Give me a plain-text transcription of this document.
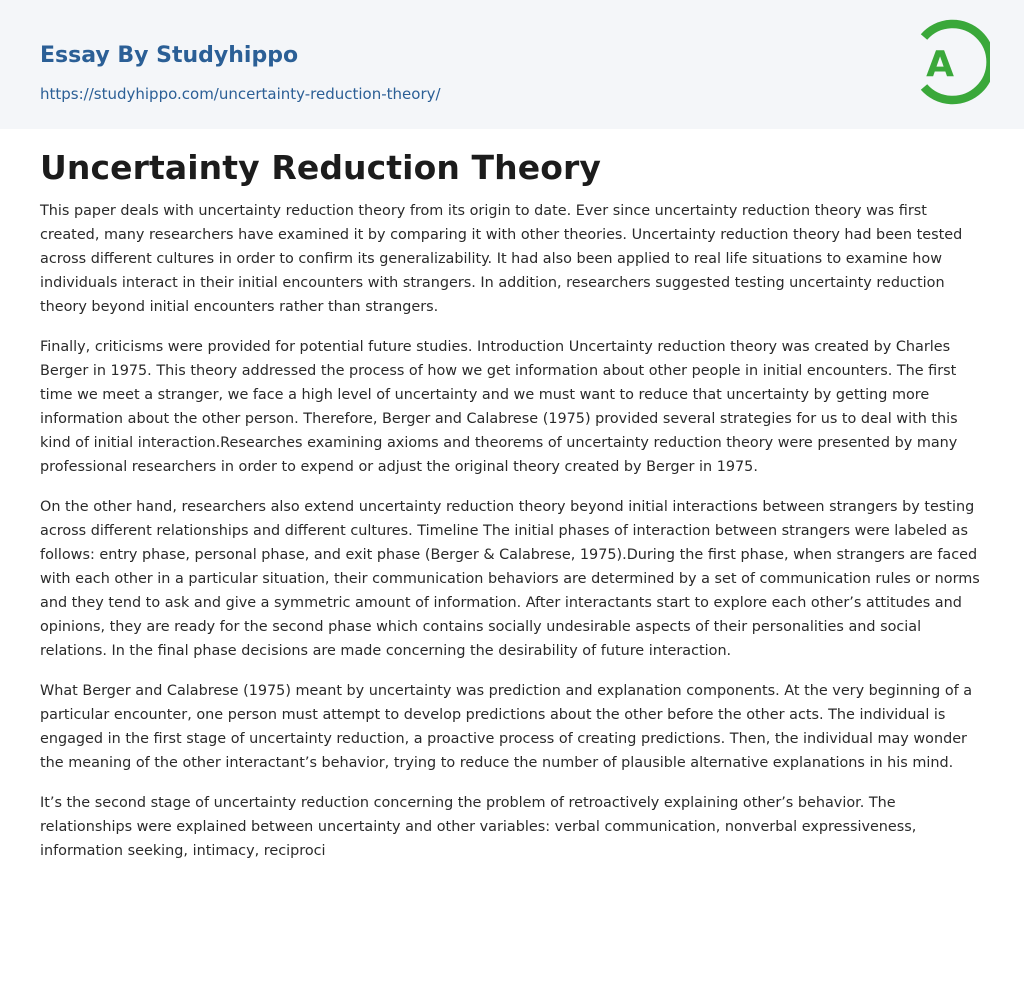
Essay By Studyhippo
https://studyhippo.com/uncertainty-reduction-theory/
A
Uncertainty Reduction Theory

This paper deals with uncertainty reduction theory from its origin to date. Ever since uncertainty reduction theory was first created, many researchers have examined it by comparing it with other theories. Uncertainty reduction theory had been tested across different cultures in order to confirm its generalizability. It had also been applied to real life situations to examine how individuals interact in their initial encounters with strangers. In addition, researchers suggested testing uncertainty reduction theory beyond initial encounters rather than strangers.

Finally, criticisms were provided for potential future studies. Introduction Uncertainty reduction theory was created by Charles Berger in 1975. This theory addressed the process of how we get information about other people in initial encounters. The first time we meet a stranger, we face a high level of uncertainty and we must want to reduce that uncertainty by getting more information about the other person. Therefore, Berger and Calabrese (1975) provided several strategies for us to deal with this kind of initial interaction.Researches examining axioms and theorems of uncertainty reduction theory were presented by many professional researchers in order to expend or adjust the original theory created by Berger in 1975.

On the other hand, researchers also extend uncertainty reduction theory beyond initial interactions between strangers by testing across different relationships and different cultures. Timeline The initial phases of interaction between strangers were labeled as follows: entry phase, personal phase, and exit phase (Berger & Calabrese, 1975).During the first phase, when strangers are faced with each other in a particular situation, their communication behaviors are determined by a set of communication rules or norms and they tend to ask and give a symmetric amount of information. After interactants start to explore each other’s attitudes and opinions, they are ready for the second phase which contains socially undesirable aspects of their personalities and social relations. In the final phase decisions are made concerning the desirability of future interaction.

What Berger and Calabrese (1975) meant by uncertainty was prediction and explanation components. At the very beginning of a particular encounter, one person must attempt to develop predictions about the other before the other acts. The individual is engaged in the first stage of uncertainty reduction, a proactive process of creating predictions. Then, the individual may wonder the meaning of the other interactant’s behavior, trying to reduce the number of plausible alternative explanations in his mind.

It’s the second stage of uncertainty reduction concerning the problem of retroactively explaining other’s behavior. The relationships were explained between uncertainty and other variables: verbal communication, nonverbal expressiveness, information seeking, intimacy, reciproci
